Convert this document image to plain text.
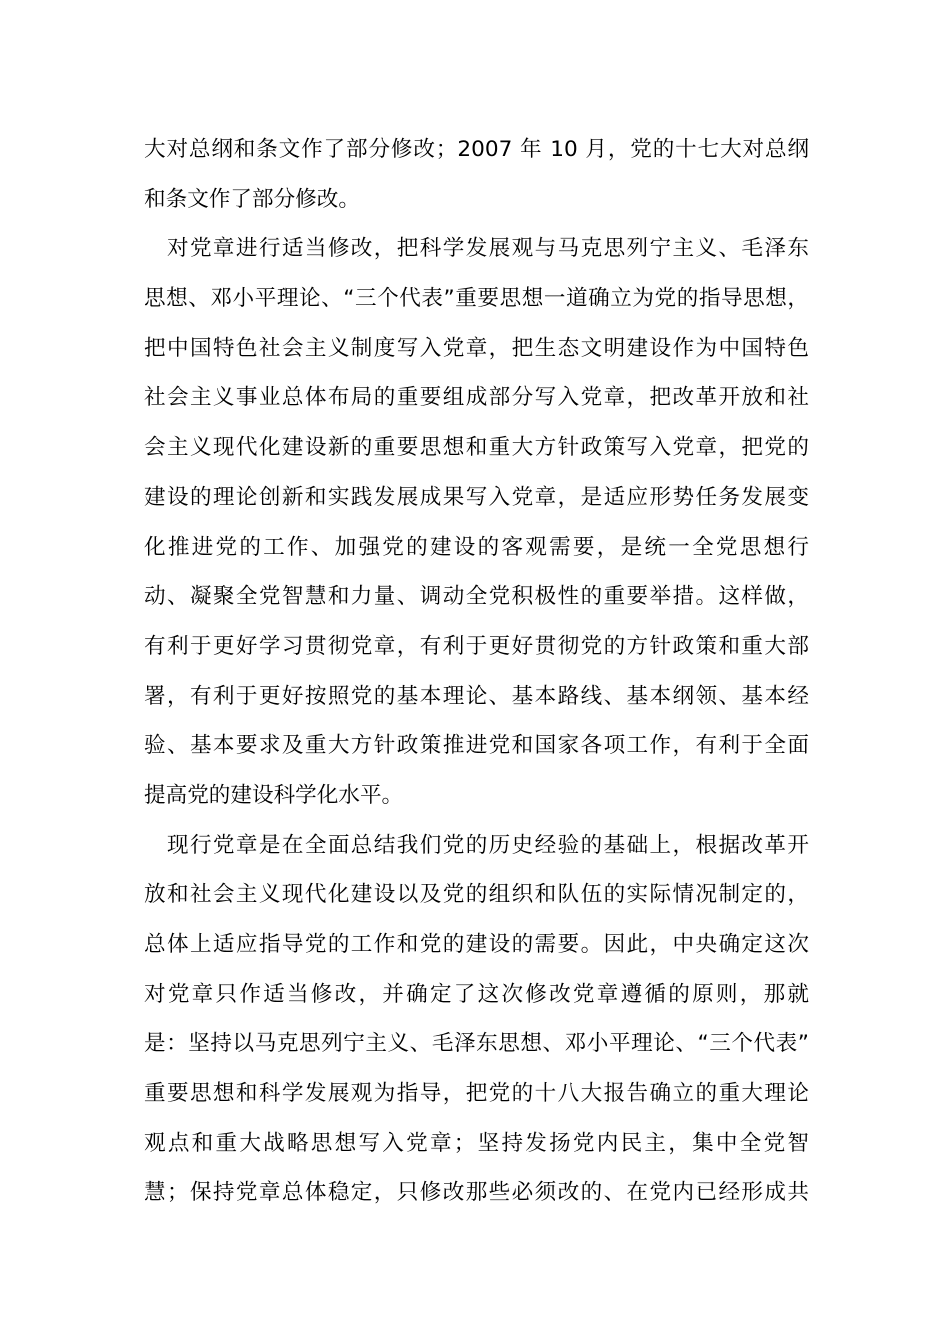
大对总纲和条文作了部分修改；2007 年 10 月，党的十七大对总纲
和条文作了部分修改。
　对党章进行适当修改，把科学发展观与马克思列宁主义、毛泽东
思想、邓小平理论、“三个代表”重要思想一道确立为党的指导思想，
把中国特色社会主义制度写入党章，把生态文明建设作为中国特色
社会主义事业总体布局的重要组成部分写入党章，把改革开放和社
会主义现代化建设新的重要思想和重大方针政策写入党章，把党的
建设的理论创新和实践发展成果写入党章，是适应形势任务发展变
化推进党的工作、加强党的建设的客观需要，是统一全党思想行
动、凝聚全党智慧和力量、调动全党积极性的重要举措。这样做，
有利于更好学习贯彻党章，有利于更好贯彻党的方针政策和重大部
署，有利于更好按照党的基本理论、基本路线、基本纲领、基本经
验、基本要求及重大方针政策推进党和国家各项工作，有利于全面
提高党的建设科学化水平。
　现行党章是在全面总结我们党的历史经验的基础上，根据改革开
放和社会主义现代化建设以及党的组织和队伍的实际情况制定的，
总体上适应指导党的工作和党的建设的需要。因此，中央确定这次
对党章只作适当修改，并确定了这次修改党章遵循的原则，那就
是：坚持以马克思列宁主义、毛泽东思想、邓小平理论、“三个代表”
重要思想和科学发展观为指导，把党的十八大报告确立的重大理论
观点和重大战略思想写入党章；坚持发扬党内民主，集中全党智
慧；保持党章总体稳定，只修改那些必须改的、在党内已经形成共
